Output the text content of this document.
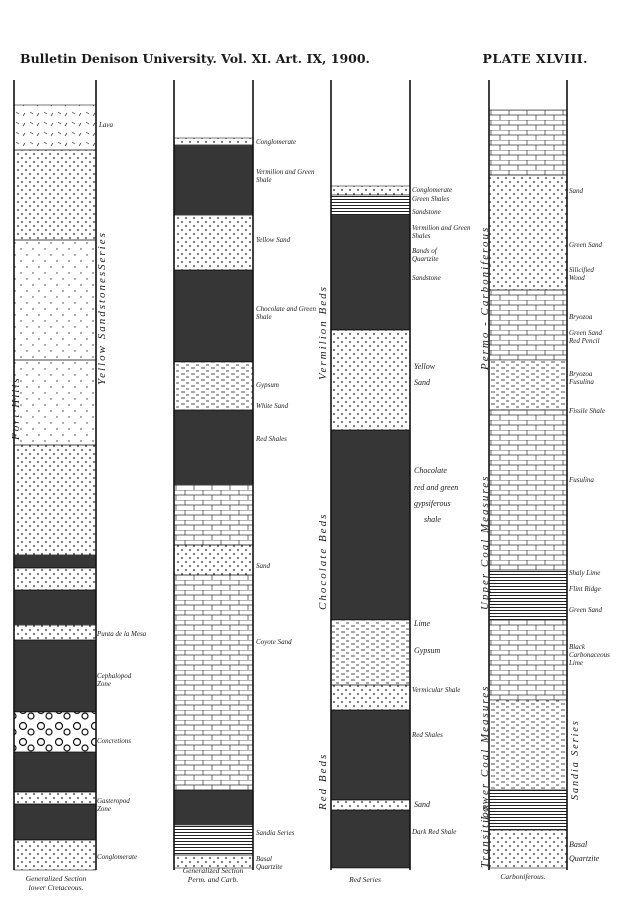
Bulletin Denison University. Vol. XI. Art. IX, 1900.	PLATE XLVIII.
Lava
Punta de la Mesa
Cephalopod Zone
Concretions
Gasteropod Zone
Conglomerate
Fort Hills
Series
Yellow Sandstones
Generalized Section
lower Cretaceous.
Conglomerate
Vermilion and Green Shale
Yellow Sand
Chocolate and Green Shale
Gypsum
White Sand
Red Shales
Sand
Coyote Sand
Sandia Series
Basal Quartzite
Generalized Section
Perm. and Carb.
Conglomerate
Green Shales
Sandstone
Vermilion and Green Shales
Bands of Quartzite
Sandstone
Yellow
Sand
Chocolate
red and green
gypsiferous
shale
Lime
Gypsum
Vermicular Shale
Red Shales
Sand
Dark Red Shale
Vermilion Beds
Chocolate Beds
Red Beds
Red Series
Sand
Green Sand
Silicified Wood
Bryozoa
Green Sand Red Pencil
Bryozoa Fusulina
Fissile Shale
Fusulina
Shaly Lime
Flint Ridge
Green Sand
Black Carbonaceous Lime
Sandia Series
Basal
Quartzite
Permo - Carboniferous
Upper Coal Measures
Lower Coal Measures
Transition
Carboniferous.
